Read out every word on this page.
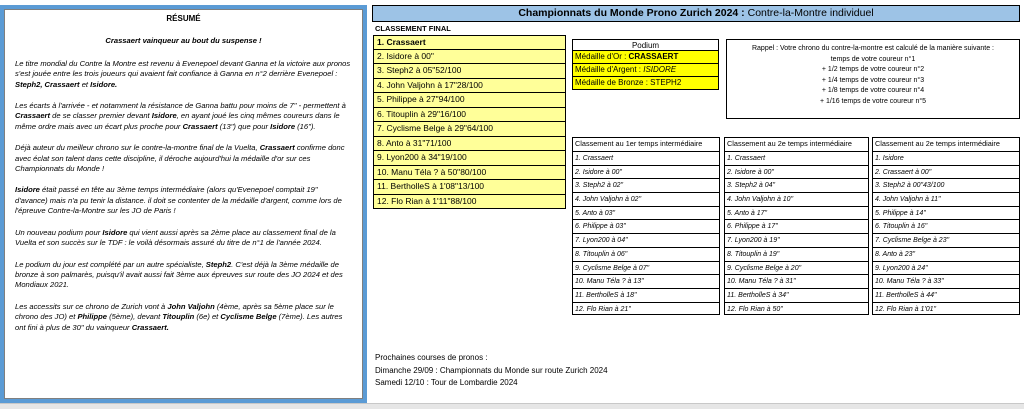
RÉSUMÉ
Crassaert vainqueur au bout du suspense !

Le titre mondial du Contre la Montre est revenu à Evenepoel devant Ganna et la victoire aux pronos s'est jouée entre les trois joueurs qui avaient fait confiance à Ganna en n°2 derrière Evenepoel : Steph2, Crassaert et Isidore.

Les écarts à l'arrivée - et notamment la résistance de Ganna battu pour moins de 7" - permettent à Crassaert de se classer premier devant Isidore, en ayant joué les cinq mêmes coureurs dans le même ordre mais avec un écart plus proche pour Crassaert (13") que pour Isidore (16").

Déjà auteur du meilleur chrono sur le contre-la-montre final de la Vuelta, Crassaert confirme donc avec éclat son talent dans cette discipline, il déroche aujourd'hui la médaille d'or sur ces Championnats du Monde !

Isidore était passé en tête au 3ème temps intermédiaire (alors qu'Evenepoel comptait 19" d'avance) mais n'a pu tenir la distance. il doit se contenter de la médaille d'argent, comme lors de l'épreuve Contre-la-Montre sur les JO de Paris !

Un nouveau podium pour Isidore qui vient aussi après sa 2ème place au classement final de la Vuelta et son succès sur le TDF : le voilà désormais assuré du titre de n°1 de l'année 2024.

Le podium du jour est complété par un autre spécialiste, Steph2. C'est déjà la 3ème médaille de bronze à son palmarès, puisqu'il avait aussi fait 3ème aux épreuves sur route des JO 2024 et des Mondiaux 2021.

Les accessits sur ce chrono de Zurich vont à John Valjohn (4ème, après sa 5ème place sur le chrono des JO) et Philippe (5ème), devant Titouplin (6e) et Cyclisme Belge (7ème). Les autres ont fini à plus de 30" du vainqueur Crassaert.

Championnats du Monde Prono Zurich 2024 : Contre-la-Montre individuel
CLASSEMENT FINAL
1. Crassaert
2. Isidore à 00"
3. Steph2 à 05"52/100
4. John Valjohn à 17"28/100
5. Philippe à 27"94/100
6. Titouplin à 29"16/100
7. Cyclisme Belge à 29"64/100
8. Anto à 31"71/100
9. Lyon200 à 34"19/100
10. Manu Téla ? à 50"80/100
11. BertholleS à 1'08"13/100
12. Flo Rian à 1'11"88/100
Podium
Médaille d'Or : CRASSAERT
Médaille d'Argent : ISIDORE
Médaille de Bronze : STEPH2
Rappel : Votre chrono du contre-la-montre est calculé de la manière suivante :
temps de votre coureur n°1
+ 1/2 temps de votre coureur n°2
+ 1/4 temps de votre coureur n°3
+ 1/8 temps de votre coureur n°4
+ 1/16 temps de votre coureur n°5
Classement au 1er temps intermédiaire
1. Crassaert
2. Isidore à 00"
3. Steph2 à 02"
4. John Valjohn à 02"
5. Anto à 03"
6. Philippe à 03"
7. Lyon200 à 04"
8. Titouplin à 06"
9. Cyclisme Belge à 07"
10. Manu Téla ? à 13"
11. BertholleS à 18"
12. Flo Rian à 21"
Classement au 2e temps intermédiaire
1. Crassaert
2. Isidore à 00"
3. Steph2 à 04"
4. John Valjohn à 10"
5. Anto à 17"
6. Philippe à 17"
7. Lyon200 à 19"
8. Titouplin à 19"
9. Cyclisme Belge à 20"
10. Manu Téla ? à 31"
11. BertholleS à 34"
12. Flo Rian à 50"
Classement au 2e temps intermédiaire
1. Isidore
2. Crassaert à 00"
3. Steph2 à 00"43/100
4. John Valjohn à 11"
5. Philippe à 14"
6. Titouplin à 16"
7. Cyclisme Belge à 23"
8. Anto à 23"
9. Lyon200 à 24"
10. Manu Téla ? à 33"
11. BertholleS à 44"
12. Flo Rian à 1'01"
Prochaines courses de pronos :
Dimanche 29/09 : Championnats du Monde sur route Zurich 2024
Samedi 12/10 : Tour de Lombardie 2024
